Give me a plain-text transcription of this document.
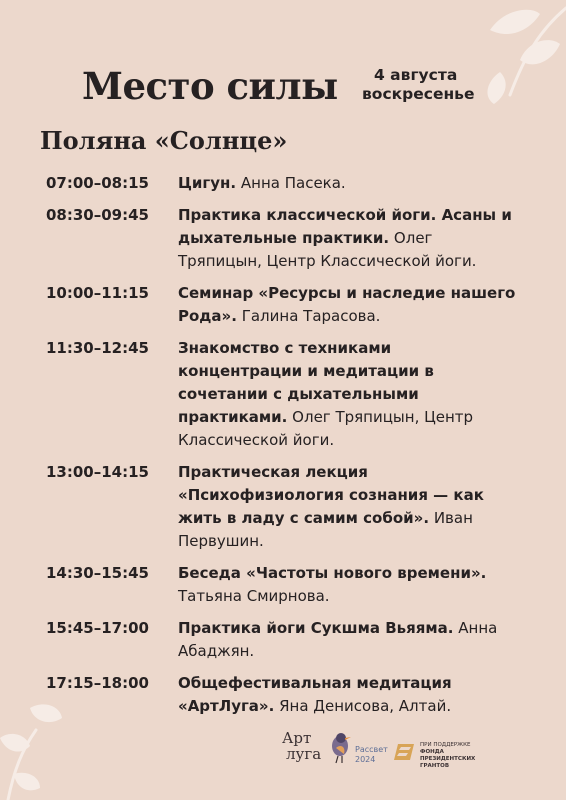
Место силы	4 августа
воскресенье
Поляна «Солнце»
07:00–08:15	Цигун. Анна Пасека.
08:30–09:45	Практика классической йоги. Асаны и дыхательные практики. Олег Тряпицын, Центр Классической йоги.
10:00–11:15	Семинар «Ресурсы и наследие нашего Рода». Галина Тарасова.
11:30–12:45	Знакомство с техниками концентрации и медитации в сочетании с дыхательными практиками. Олег Тряпицын, Центр Классической йоги.
13:00–14:15	Практическая лекция «Психофизиология сознания — как жить в ладу с самим собой». Иван Первушин.
14:30–15:45	Беседа «Частоты нового времени». Татьяна Смирнова.
15:45–17:00	Практика йоги Сукшма Вьяяма. Анна Абаджян.
17:15–18:00	Общефестивальная медитация «АртЛуга». Яна Денисова, Алтай.
Арт
луга	Рассвет
2024
ПРИ ПОДДЕРЖКЕ
ФОНДА
ПРЕЗИДЕНТСКИХ
ГРАНТОВ
